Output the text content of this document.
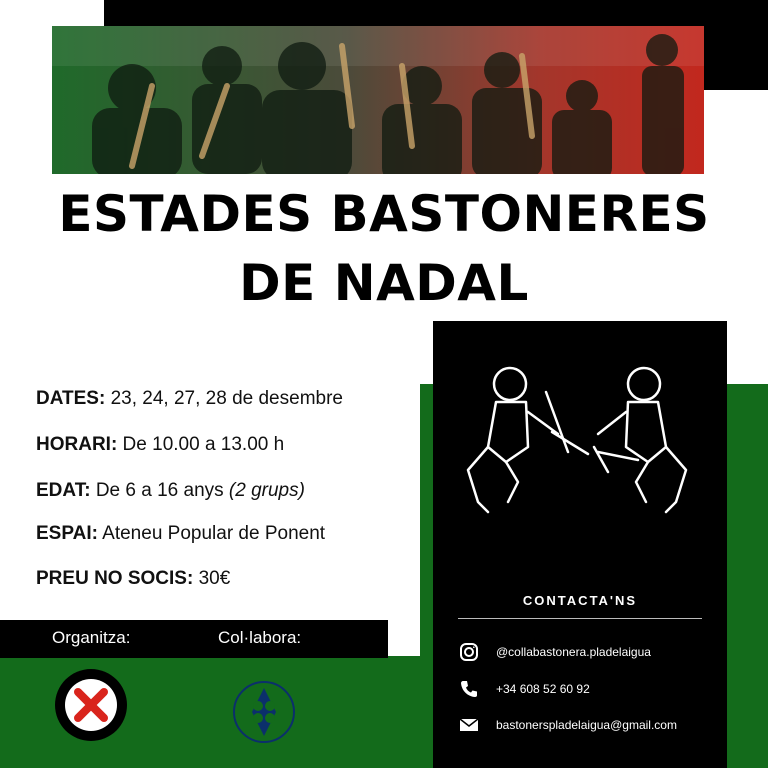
ESTADES BASTONERES
DE NADAL
DATES: 23, 24, 27, 28 de desembre
HORARI: De 10.00 a 13.00 h
EDAT: De 6 a 16 anys (2 grups)
ESPAI: Ateneu Popular de Ponent
PREU NO SOCIS: 30€
Organitza:	Col·labora:
CONTACTA'NS
@collabastonera.pladelaigua
+34 608 52 60 92
bastonerspladelaigua@gmail.com
